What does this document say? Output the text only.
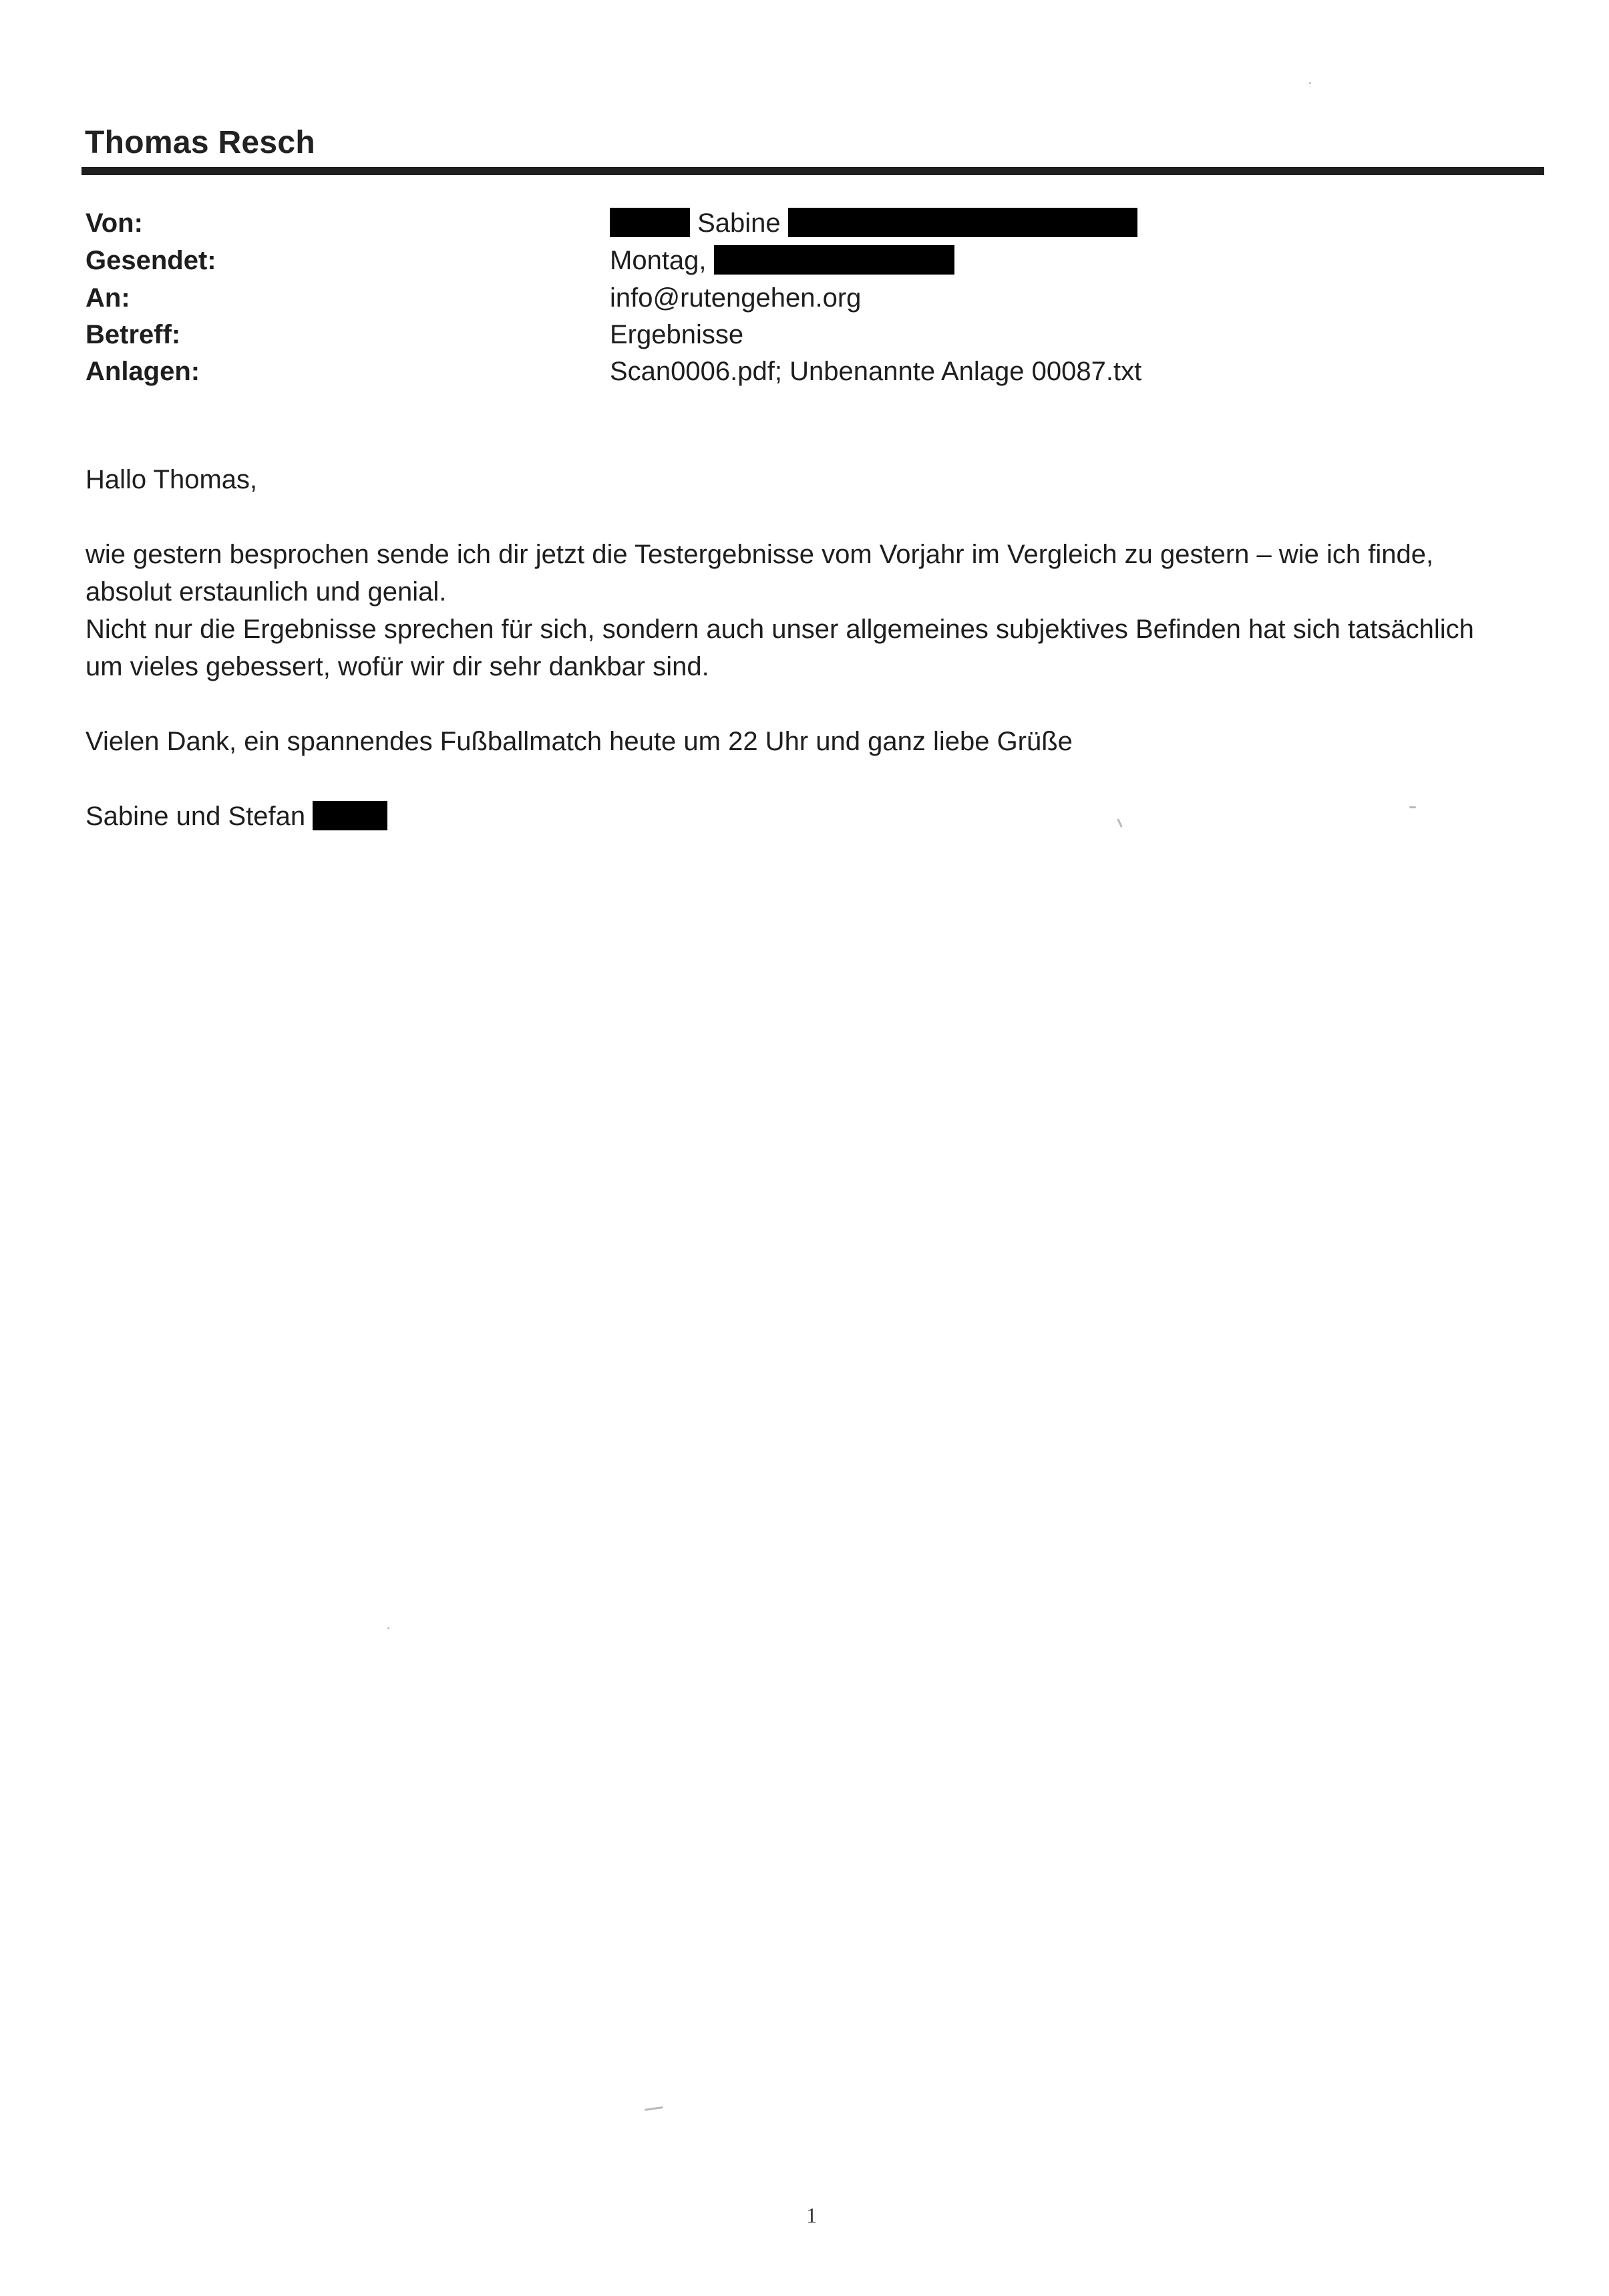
Thomas Resch
Von:	Sabine
Gesendet:	Montag,
An:	info@rutengehen.org
Betreff:	Ergebnisse
Anlagen:	Scan0006.pdf; Unbenannte Anlage 00087.txt
Hallo Thomas,
wie gestern besprochen sende ich dir jetzt die Testergebnisse vom Vorjahr im Vergleich zu gestern – wie ich finde,
absolut erstaunlich und genial.
Nicht nur die Ergebnisse sprechen für sich, sondern auch unser allgemeines subjektives Befinden hat sich tatsächlich
um vieles gebessert, wofür wir dir sehr dankbar sind.
Vielen Dank, ein spannendes Fußballmatch heute um 22 Uhr und ganz liebe Grüße
Sabine und Stefan
1
